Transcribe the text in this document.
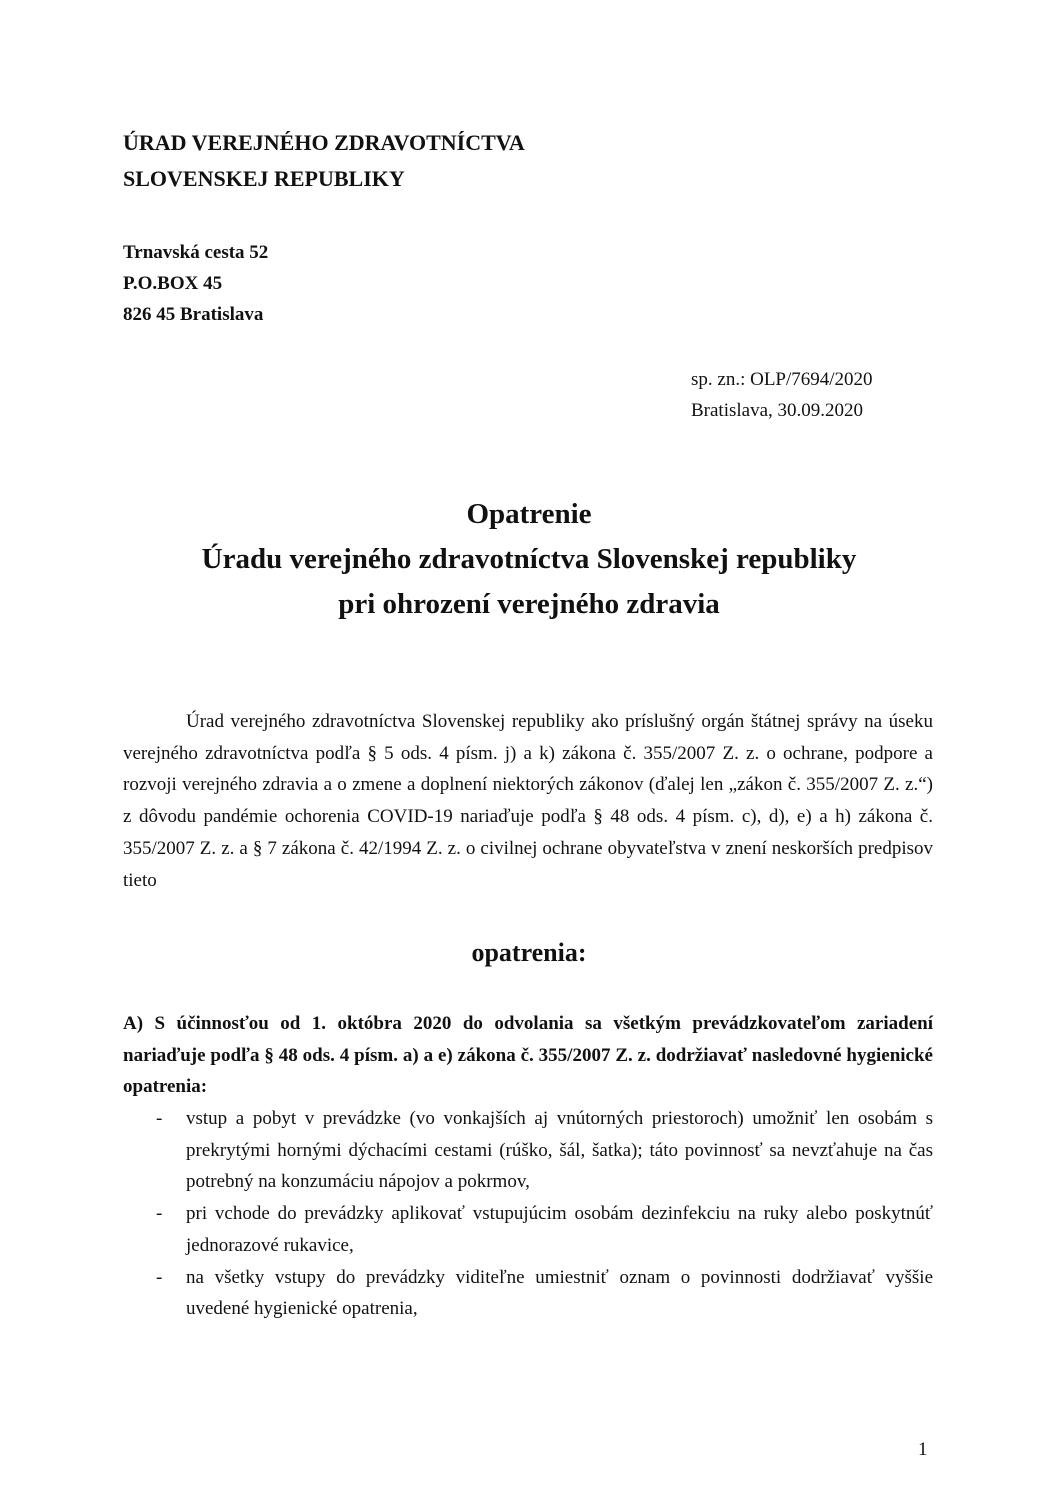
ÚRAD VEREJNÉHO ZDRAVOTNÍCTVA
SLOVENSKEJ REPUBLIKY
Trnavská cesta 52
P.O.BOX 45
826 45 Bratislava
sp. zn.: OLP/7694/2020
Bratislava, 30.09.2020
Opatrenie
Úradu verejného zdravotníctva Slovenskej republiky
pri ohrození verejného zdravia
Úrad verejného zdravotníctva Slovenskej republiky ako príslušný orgán štátnej správy na úseku verejného zdravotníctva podľa § 5 ods. 4 písm. j) a k) zákona č. 355/2007 Z. z. o ochrane, podpore a rozvoji verejného zdravia a o zmene a doplnení niektorých zákonov (ďalej len „zákon č. 355/2007 Z. z.“) z dôvodu pandémie ochorenia COVID-19 nariaďuje podľa § 48 ods. 4 písm. c), d), e) a h) zákona č. 355/2007 Z. z. a § 7 zákona č. 42/1994 Z. z. o civilnej ochrane obyvateľstva v znení neskorších predpisov tieto
opatrenia:
A) S účinnosťou od 1. októbra 2020 do odvolania sa všetkým prevádzkovateľom zariadení nariaďuje podľa § 48 ods. 4 písm. a) a e) zákona č. 355/2007 Z. z. dodržiavať nasledovné hygienické opatrenia:
- vstup a pobyt v prevádzke (vo vonkajších aj vnútorných priestoroch) umožniť len osobám s prekrytými hornými dýchacími cestami (rúško, šál, šatka); táto povinnosť sa nevzťahuje na čas potrebný na konzumáciu nápojov a pokrmov,
- pri vchode do prevádzky aplikovať vstupujúcim osobám dezinfekciu na ruky alebo poskytnúť jednorazové rukavice,
- na všetky vstupy do prevádzky viditeľne umiestniť oznam o povinnosti dodržiavať vyššie uvedené hygienické opatrenia,
1
